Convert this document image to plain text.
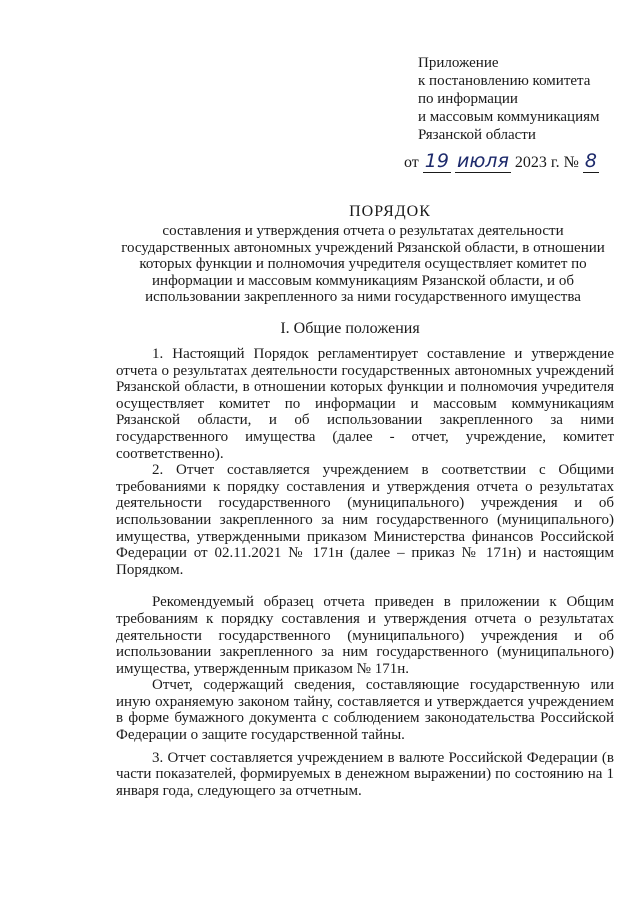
Приложение
к постановлению комитета
по информации
и массовым коммуникациям
Рязанской области
от 19 июля 2023 г. № 8
ПОРЯДОК
составления и утверждения отчета о результатах деятельности государственных автономных учреждений Рязанской области, в отношении которых функции и полномочия учредителя осуществляет комитет по информации и массовым коммуникациям Рязанской области, и об использовании закрепленного за ними государственного имущества
I. Общие положения

1. Настоящий Порядок регламентирует составление и утверждение отчета о результатах деятельности государственных автономных учреждений Рязанской области, в отношении которых функции и полномочия учредителя осуществляет комитет по информации и массовым коммуникациям Рязанской области, и об использовании закрепленного за ними государственного имущества (далее - отчет, учреждение, комитет соответственно).

2. Отчет составляется учреждением в соответствии с Общими требованиями к порядку составления и утверждения отчета о результатах деятельности государственного (муниципального) учреждения и об использовании закрепленного за ним государственного (муниципального) имущества, утвержденными приказом Министерства финансов Российской Федерации от 02.11.2021 № 171н (далее – приказ № 171н) и настоящим Порядком.

Рекомендуемый образец отчета приведен в приложении к Общим требованиям к порядку составления и утверждения отчета о результатах деятельности государственного (муниципального) учреждения и об использовании закрепленного за ним государственного (муниципального) имущества, утвержденным приказом № 171н.

Отчет, содержащий сведения, составляющие государственную или иную охраняемую законом тайну, составляется и утверждается учреждением в форме бумажного документа с соблюдением законодательства Российской Федерации о защите государственной тайны.

3. Отчет составляется учреждением в валюте Российской Федерации (в части показателей, формируемых в денежном выражении) по состоянию на 1 января года, следующего за отчетным.
